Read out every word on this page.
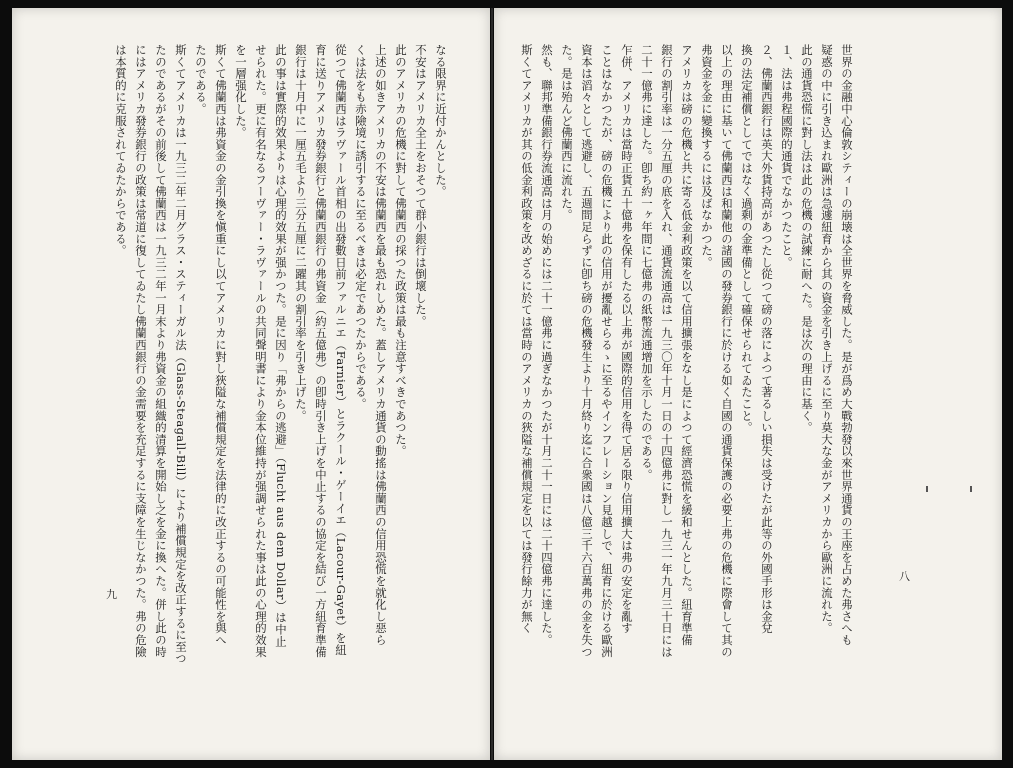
なる限界に近付かんとした。
不安はアメリカ全土をおそつて群小銀行は倒壞した。
此のアメリカの危機に對して佛蘭西の採つた政策は最も注意すべきであつた。
上述の如きアメリカの不安は佛蘭西を最も恐れしめた。蓋しアメリカ通貨の動搖は佛蘭西の信用恐慌を就化し惡ら
くは法をも赤險境に誘引するに至るべきは必定であつたからである。
從つて佛蘭西はラヴァール首相の出發數日前ファルニエ（Farnier）とラクール・ゲーイエ（Lacour-Gayet）を紐
育に送りアメリカ發券銀行と佛蘭西銀行の弗資金（約五億弗）の卽時引き上げを中止するの協定を結び一方紐育準備
銀行は十月中に一厘五毛より三分五厘に二躍其の割引率を引き上げた。
此の事は實際的效果よりは心理的效果が强かつた。是に因り「弗からの逃避」（Flucht aus dem Dollar）は中止
せられた。更に有名なるフーヴァー・ラヴァールの共同聲明書により金本位維持が强調せられた事は此の心理的效果
を一層强化した。
斯くて佛蘭西は弗資金の金引換を愼重にし以てアメリカに對し狹隘な補償規定を法律的に改正するの可能性を與へ
たのである。
斯くてアメリカは一九三二年二月グラス・スティーガル法（Glass-Steagall-Bill）により補償規定を改正するに至つ
たのであるがその前後して佛蘭西は一九三二年一月末より弗資金の組織的清算を開始し之を金に換へた。併し此の時
にはアメリカ發券銀行の政策は常道に復してゐたし佛蘭西銀行の金需要を充足するに支障を生じなかつた。弗の危險
は本質的に克服されてゐたからである。
九	世界の金融中心倫敦シティーの崩壊は全世界を脅威した。是が爲め大戰勃發以來世界通貨の王座を占めた弗さへも
疑惑の中に引き込まれ歐洲は急遽紐育から其の資金を引き上げるに至り莫大な金がアメリカから歐洲に流れた。
此の通貨恐慌に對し法は此の危機の試練に耐へた。是は次の理由に基く。
１、法は弗程國際的通貨でなかつたこと。
２、佛蘭西銀行は英大外貨持高があつたし從つて磅の落によつて著るしい損失は受けたが此等の外國手形は金兌
換の法定補償としてではなく過剩の金準備として確保せられてゐたこと。
以上の理由に基いて佛蘭西は和蘭他の諸國の發券銀行に於ける如く自國の通貨保護の必要上弗の危機に際會して其の
弗資金を金に變換するには及ばなかつた。
アメリカは磅の危機と共に寄る低金利政策を以て信用擴張をなし是によつて經濟恐慌を緩和せんとした。紐育準備
銀行の割引率は一分五厘の底を入れ、通貨流通高は一九三〇年十月一日の十四億弗に對し一九三一年九月三十日には
二十一億弗に達した。卽ち約一ヶ年間に七億弗の紙幣流通增加を示したのである。
乍併、アメリカは當時正貨五十億弗を保有したる以上弗が國際的信用を得て居る限り信用擴大は弗の安定を亂す
ことはなかつたが、磅の危機により此の信用が擾亂せらるゝに至るやインフレーション見越しで、紐育に於ける歐洲
資本は滔々として逃避し、五週間足らずに卽ち磅の危機發生より十月終り迄に合衆國は八億三千六百萬弗の金を失つ
た。是は殆んど佛蘭西に流れた。
然も、聯邦準備銀行券流通高は月の始めには二十一億弗に過ぎなかつたが十月二十一日には二十四億弗に達した。
斯くてアメリカが其の低金利政策を改めざるに於ては當時のアメリカの狹隘な補償規定を以ては發行餘力が無く	八
